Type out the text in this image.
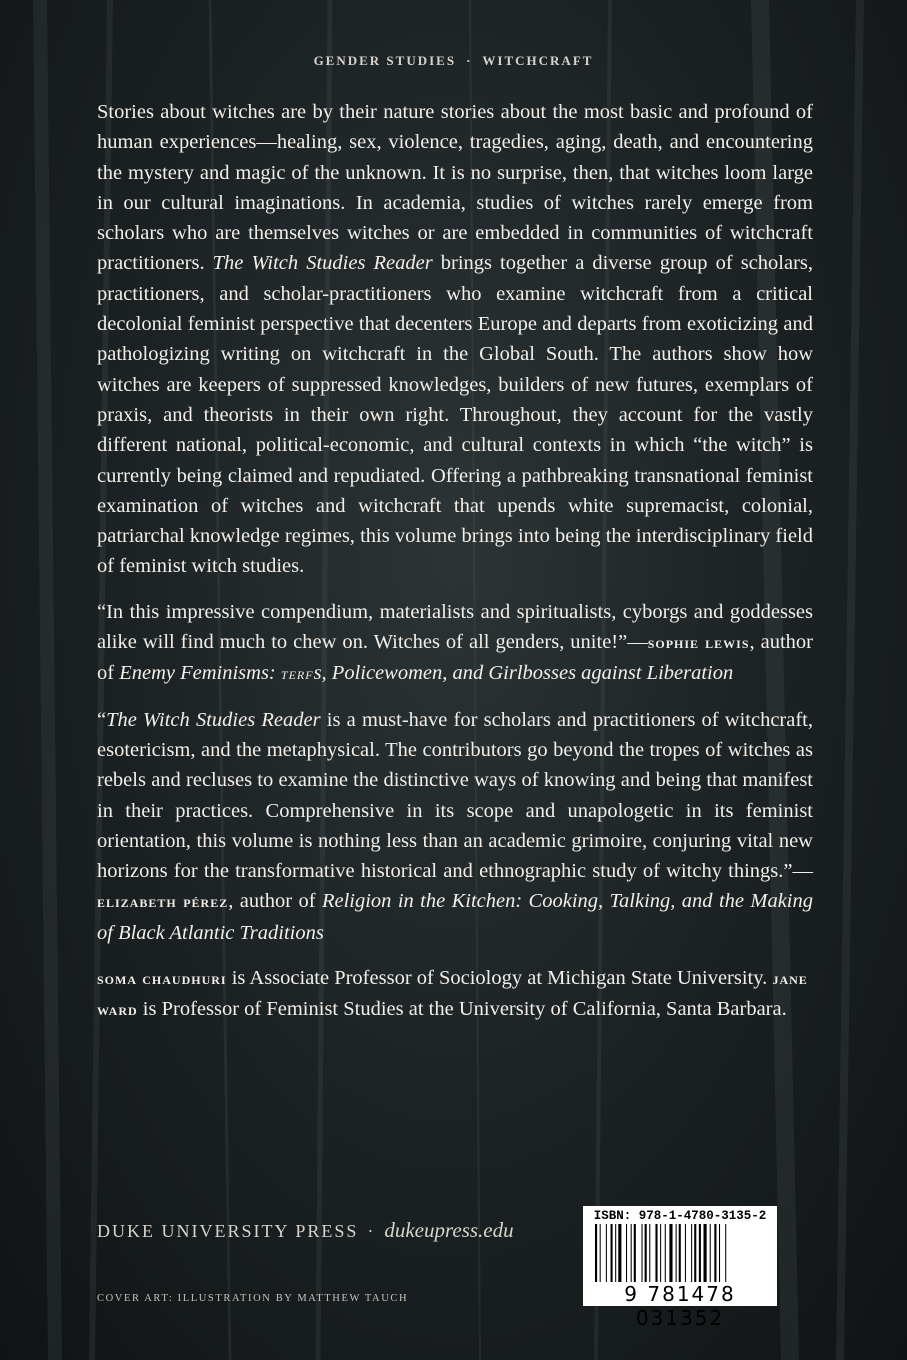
GENDER STUDIES · WITCHCRAFT

Stories about witches are by their nature stories about the most basic and profound of human experiences—healing, sex, violence, tragedies, aging, death, and encountering the mystery and magic of the unknown. It is no surprise, then, that witches loom large in our cultural imaginations. In academia, studies of witches rarely emerge from scholars who are themselves witches or are embedded in communities of witchcraft practitioners. The Witch Studies Reader brings together a diverse group of scholars, practitioners, and scholar-practitioners who examine witchcraft from a critical decolonial feminist perspective that decenters Europe and departs from exoticizing and pathologizing writing on witchcraft in the Global South. The authors show how witches are keepers of suppressed knowledges, builders of new futures, exemplars of praxis, and theorists in their own right. Throughout, they account for the vastly different national, political-economic, and cultural contexts in which “the witch” is currently being claimed and repudiated. Offering a pathbreaking transnational feminist examination of witches and witchcraft that upends white supremacist, colonial, patriarchal knowledge regimes, this volume brings into being the interdisciplinary field of feminist witch studies.

“In this impressive compendium, materialists and spiritualists, cyborgs and goddesses alike will find much to chew on. Witches of all genders, unite!”—sophie lewis, author of Enemy Feminisms: terfs, Policewomen, and Girlbosses against Liberation

“The Witch Studies Reader is a must-have for scholars and practitioners of witchcraft, esotericism, and the metaphysical. The contributors go beyond the tropes of witches as rebels and recluses to examine the distinctive ways of knowing and being that manifest in their practices. Comprehensive in its scope and unapologetic in its feminist orientation, this volume is nothing less than an academic grimoire, conjuring vital new horizons for the transformative historical and ethnographic study of witchy things.”—elizabeth pérez, author of Religion in the Kitchen: Cooking, Talking, and the Making of Black Atlantic Traditions

soma chaudhuri is Associate Professor of Sociology at Michigan State University. jane ward is Professor of Feminist Studies at the University of California, Santa Barbara.

DUKE UNIVERSITY PRESS · dukeupress.edu
COVER ART: ILLUSTRATION BY MATTHEW TAUCH
ISBN: 978-1-4780-3135-2
9 781478 031352
